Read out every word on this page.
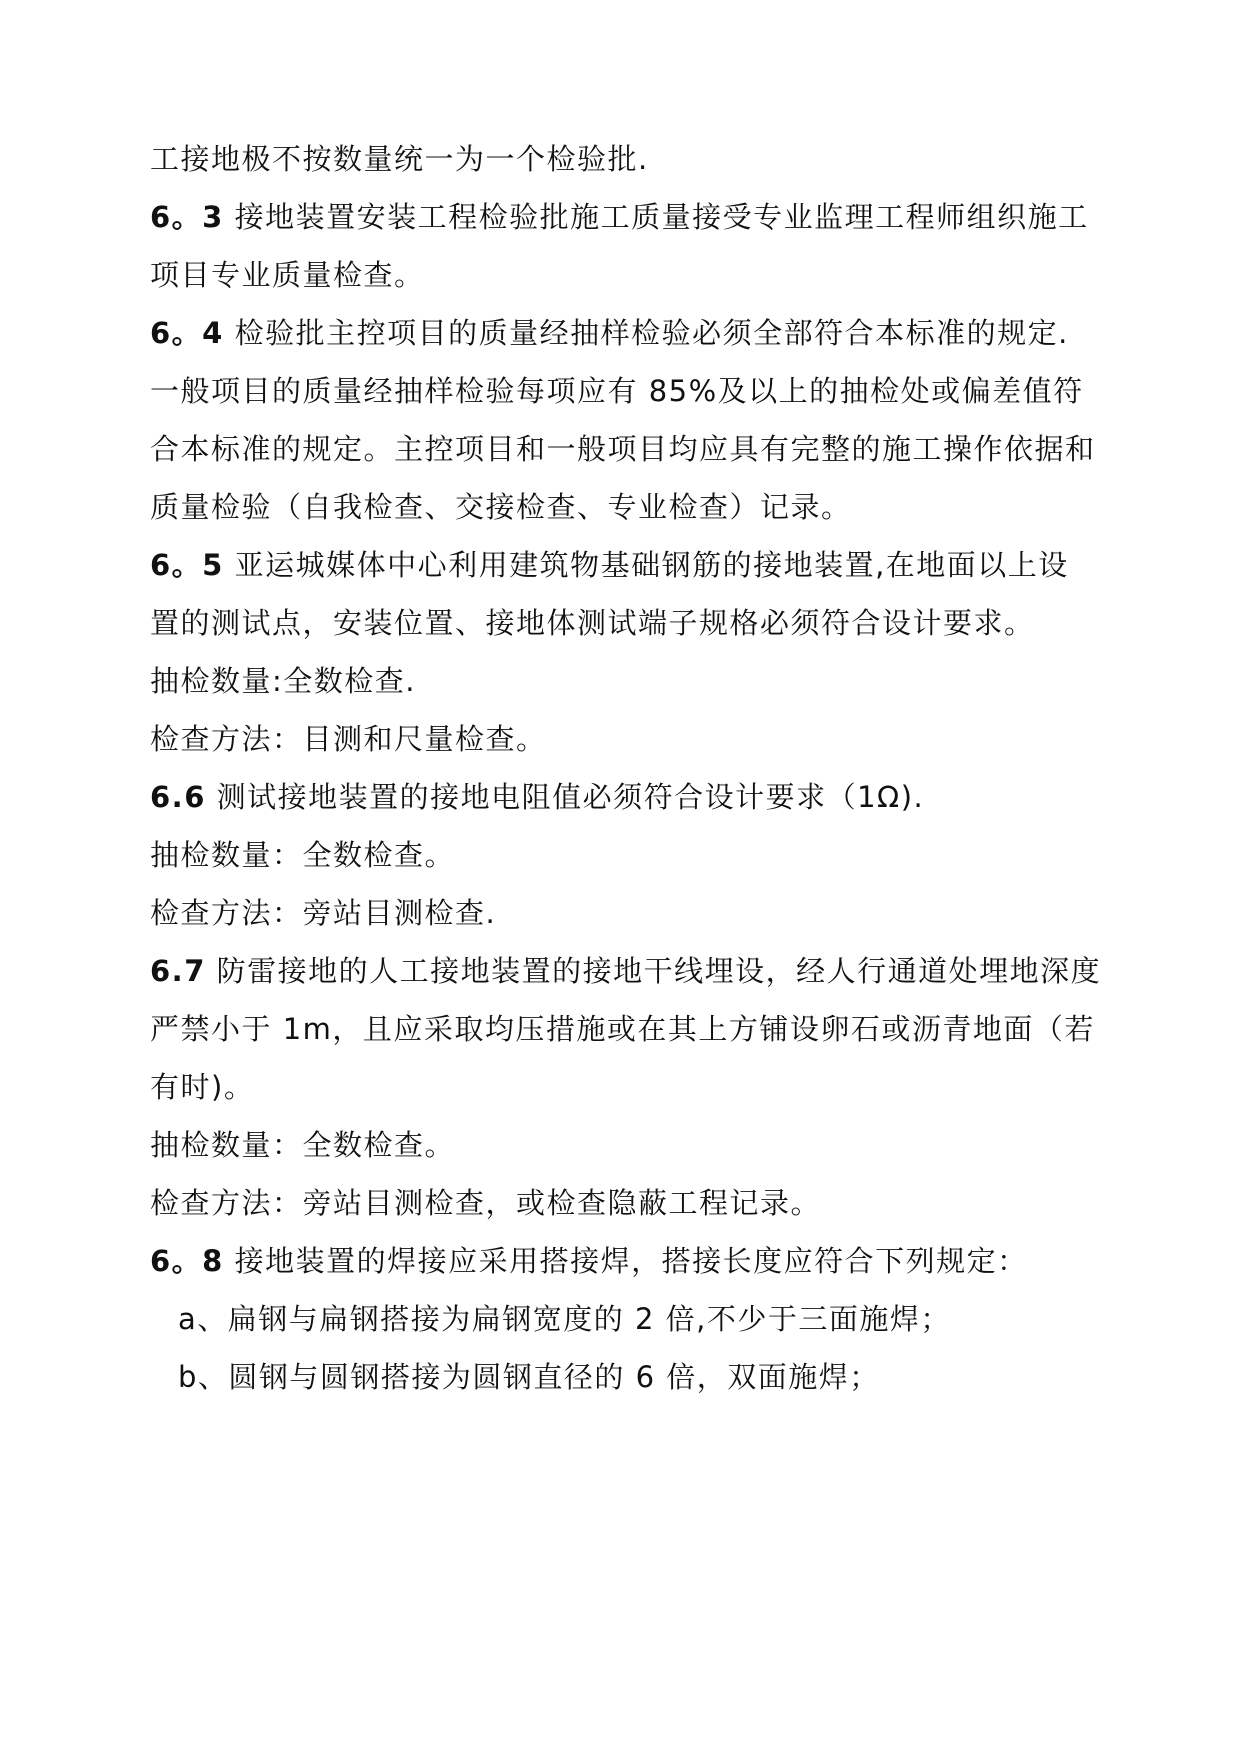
工接地极不按数量统一为一个检验批.
6。3 接地装置安装工程检验批施工质量接受专业监理工程师组织施工
项目专业质量检查。
6。4 检验批主控项目的质量经抽样检验必须全部符合本标准的规定.
一般项目的质量经抽样检验每项应有 85%及以上的抽检处或偏差值符
合本标准的规定。主控项目和一般项目均应具有完整的施工操作依据和
质量检验（自我检查、交接检查、专业检查）记录。
6。5 亚运城媒体中心利用建筑物基础钢筋的接地装置,在地面以上设
置的测试点，安装位置、接地体测试端子规格必须符合设计要求。
抽检数量:全数检查.
检查方法：目测和尺量检查。
6.6 测试接地装置的接地电阻值必须符合设计要求（1Ω).
抽检数量：全数检查。
检查方法：旁站目测检查.
6.7 防雷接地的人工接地装置的接地干线埋设，经人行通道处埋地深度
严禁小于 1m，且应采取均压措施或在其上方铺设卵石或沥青地面（若
有时)。
抽检数量：全数检查。
检查方法：旁站目测检查，或检查隐蔽工程记录。
6。8 接地装置的焊接应采用搭接焊，搭接长度应符合下列规定：
a、扁钢与扁钢搭接为扁钢宽度的 2 倍,不少于三面施焊；
b、圆钢与圆钢搭接为圆钢直径的 6 倍，双面施焊；
